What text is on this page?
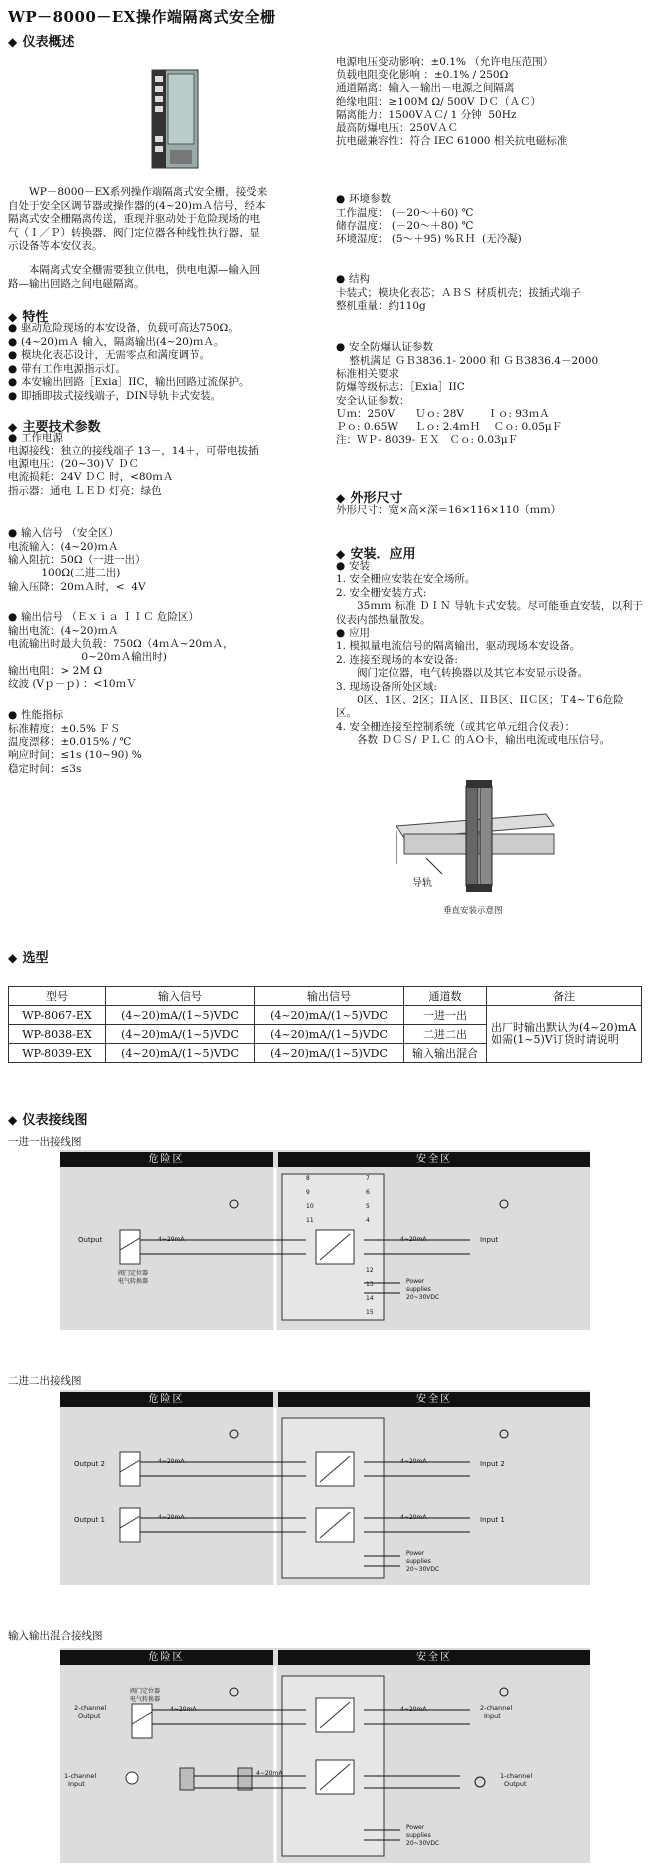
WP－8000－EX操作端隔离式安全栅
◆ 仪表概述
WP－8000－EX系列操作端隔离式安全栅，接受来自处于安全区调节器或操作器的(4~20)ｍＡ信号，经本隔离式安全栅隔离传送，重现并驱动处于危险现场的电气（Ｉ／Ｐ）转换器、阀门定位器各种线性执行器、显示设备等本安仪表。
本隔离式安全栅需要独立供电，供电电源—输入回路—输出回路之间电磁隔离。
◆ 特性
● 驱动危险现场的本安设备，负载可高达750Ω。
● (4~20)ｍＡ 输入，隔离输出(4~20)ｍＡ。
● 模块化表芯设计，无需零点和满度调节。
● 带有工作电源指示灯。
● 本安输出回路［Exia］IIC，输出回路过流保护。
● 即插即拔式接线端子，DIN导轨卡式安装。
◆ 主要技术参数
● 工作电源
电源接线：独立的接线端子 13－，14＋，可带电拔插
电源电压：(20~30)Ｖ ＤＣ
电流损耗：24V ＤＣ 时，<80ｍＡ
指示器：通电 ＬＥＤ 灯亮：绿色
● 输入信号 （安全区）
电流输入：(4~20)ｍＡ
输入阻抗：50Ω（一进一出）
100Ω(二进二出)
输入压降：20ｍＡ时，<  4V
● 输出信号 （Ｅｘｉａ ＩＩＣ 危险区）
输出电流：(4~20)ｍＡ
电流输出时最大负载：750Ω（4ｍＡ~20ｍＡ，
0~20ｍＡ输出时)
输出电阻：> 2M Ω
纹波 (Vｐ－ｐ) ：<10ｍＶ
● 性能指标
标准精度：±0.5% ＦＳ
温度漂移：±0.015% / ℃
响应时间：≤1s (10~90) %
稳定时间：≤3s
电源电压变动影响：±0.1% （允许电压范围）
负载电阻变化影响 ：±0.1% / 250Ω
通道隔离：输入－输出－电源之间隔离
绝缘电阻：≥100M Ω/ 500V ＤＣ（ＡＣ）
隔离能力：1500VＡＣ/ 1 分钟  50Hz
最高防爆电压：250VＡＣ
抗电磁兼容性：符合 IEC 61000 相关抗电磁标准
● 环境参数
工作温度： (－20～＋60) ℃
储存温度： (－20～＋80) ℃
环境湿度： (5～＋95) %ＲＨ  (无冷凝)
● 结构
卡装式；模块化表芯；ＡＢＳ 材质机壳；拔插式端子
整机重量：约110g
● 安全防爆认证参数
整机满足 ＧＢ3836.1- 2000 和 ＧＢ3836.4－2000
标准相关要求
防爆等级标志：［Exia］IIC
安全认证参数：
Ｕｍ：250V      Ｕｏ: 28V       Ｉｏ: 93ｍＡ
Ｐｏ: 0.65W     Ｌｏ: 2.4ｍＨ    Ｃｏ: 0.05μＦ
注：ＷＰ- 8039- ＥＸ   Ｃｏ: 0.03μＦ
◆ 外形尺寸
外形尺寸：宽×高×深＝16×116×110（ｍｍ）
◆ 安装．应用
● 安装
1. 安全栅应安装在安全场所。
2. 安全栅安装方式:
35ｍｍ 标准 ＤＩＮ 导轨卡式安装。尽可能垂直安装，以利于仪表内部热量散发。
● 应用
1. 模拟量电流信号的隔离输出，驱动现场本安设备。
2. 连接至现场的本安设备:
阀门定位器，电气转换器以及其它本安显示设备。
3. 现场设备所处区域:
0区、1区、2区；IIＡ区、IIＢ区、IIＣ区；Ｔ4~Ｔ6危险区。
4. 安全栅连接至控制系统（或其它单元组合仪表）：
各数 ＤＣＳ/ ＰＬＣ 的ＡO卡，输出电流或电压信号。
导轨
垂直安装示意图
◆ 选型
型号	输入信号	输出信号	通道数	备注
WP-8067-EX	(4~20)mA/(1~5)VDC	(4~20)mA/(1~5)VDC	一进一出	出厂时输出默认为(4~20)mA如需(1~5)V订货时请说明
WP-8038-EX	(4~20)mA/(1~5)VDC	(4~20)mA/(1~5)VDC	二进二出	
WP-8039-EX	(4~20)mA/(1~5)VDC	(4~20)mA/(1~5)VDC	输入输出混合	
◆ 仪表接线图
一进一出接线图
危险区	安全区
8
9
10
11
7
6
5
4
12
13
14
15
Output	4~20mA	4~20mA	Input
阀门定位器
电气转换器	Power
supplies
20~30VDC
二进二出接线图
危险区	安全区
Output 2
Output 1
4~20mA
4~20mA
4~20mA
4~20mA
Input 2
Input 1
Power
supplies
20~30VDC
输入输出混合接线图
危险区	安全区
2-channel
Output
阀门定位器
电气转换器
4~20mA	4~20mA	2-channel
Input
1-channel
Input
4~20mA	1-channel
Output
Power
supplies
20~30VDC
